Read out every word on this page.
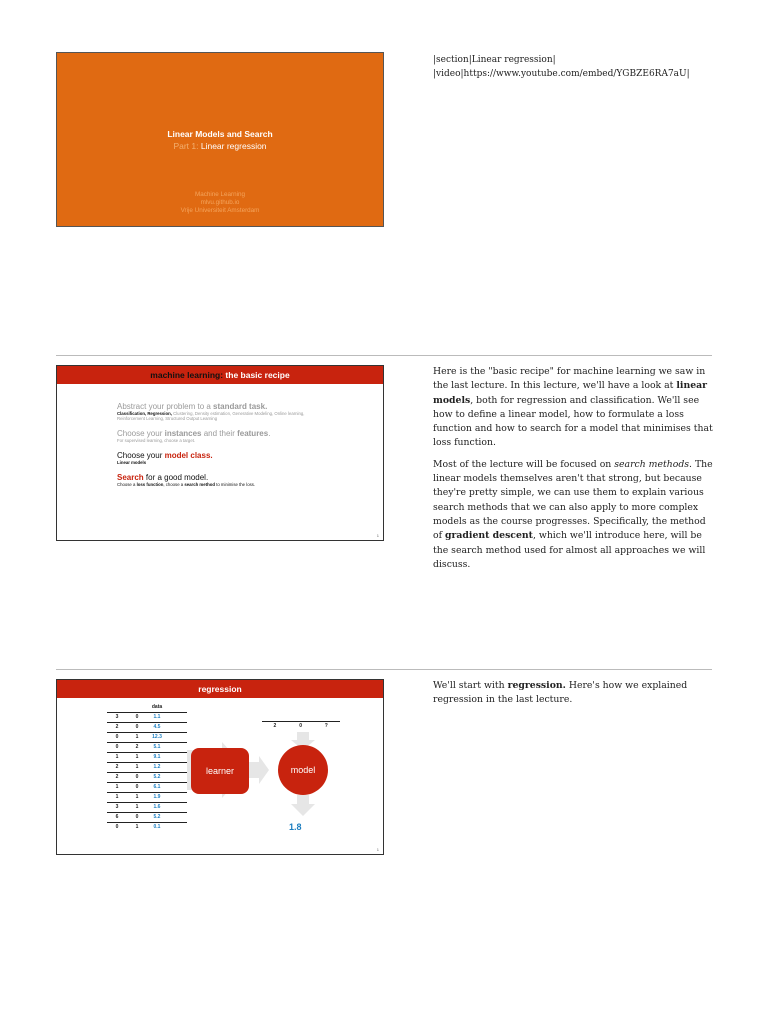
Linear Models and Search
Part 1: Linear regression
Machine Learning
mlvu.github.io
Vrije Universiteit Amsterdam
|section|Linear regression|
|video|https://www.youtube.com/embed/YGBZE6RA7aU|
machine learning: the basic recipe
Abstract your problem to a standard task.
Classification, Regression, Clustering, Density estimation, Generative Modeling, Online learning, Reinforcement Learning, Structured Output Learning
Choose your instances and their features.
For supervised learning, choose a target.
Choose your model class.
Linear models
Search for a good model.
Choose a loss function, choose a search method to minimise the loss.
1

Here is the "basic recipe" for machine learning we saw in the last lecture. In this lecture, we'll have a look at linear models, both for regression and classification. We'll see how to define a linear model, how to formulate a loss function and how to search for a model that minimises that loss function.

Most of the lecture will be focused on search methods. The linear models themselves aren't that strong, but because they're pretty simple, we can use them to explain various search methods that we can also apply to more complex models as the course progresses. Specifically, the method of gradient descent, which we'll introduce here, will be the search method used for almost all approaches we will discuss.

regression
data
3	0	1.1
2	0	4.5
0	1	12.3
0	2	5.1
1	1	9.1
2	1	1.2
2	0	5.2
1	0	6.1
1	1	1.9
3	1	1.6
6	0	5.2
0	1	0.1
learner
2	0	?
model
1.8
1

We'll start with regression. Here's how we explained regression in the last lecture.
